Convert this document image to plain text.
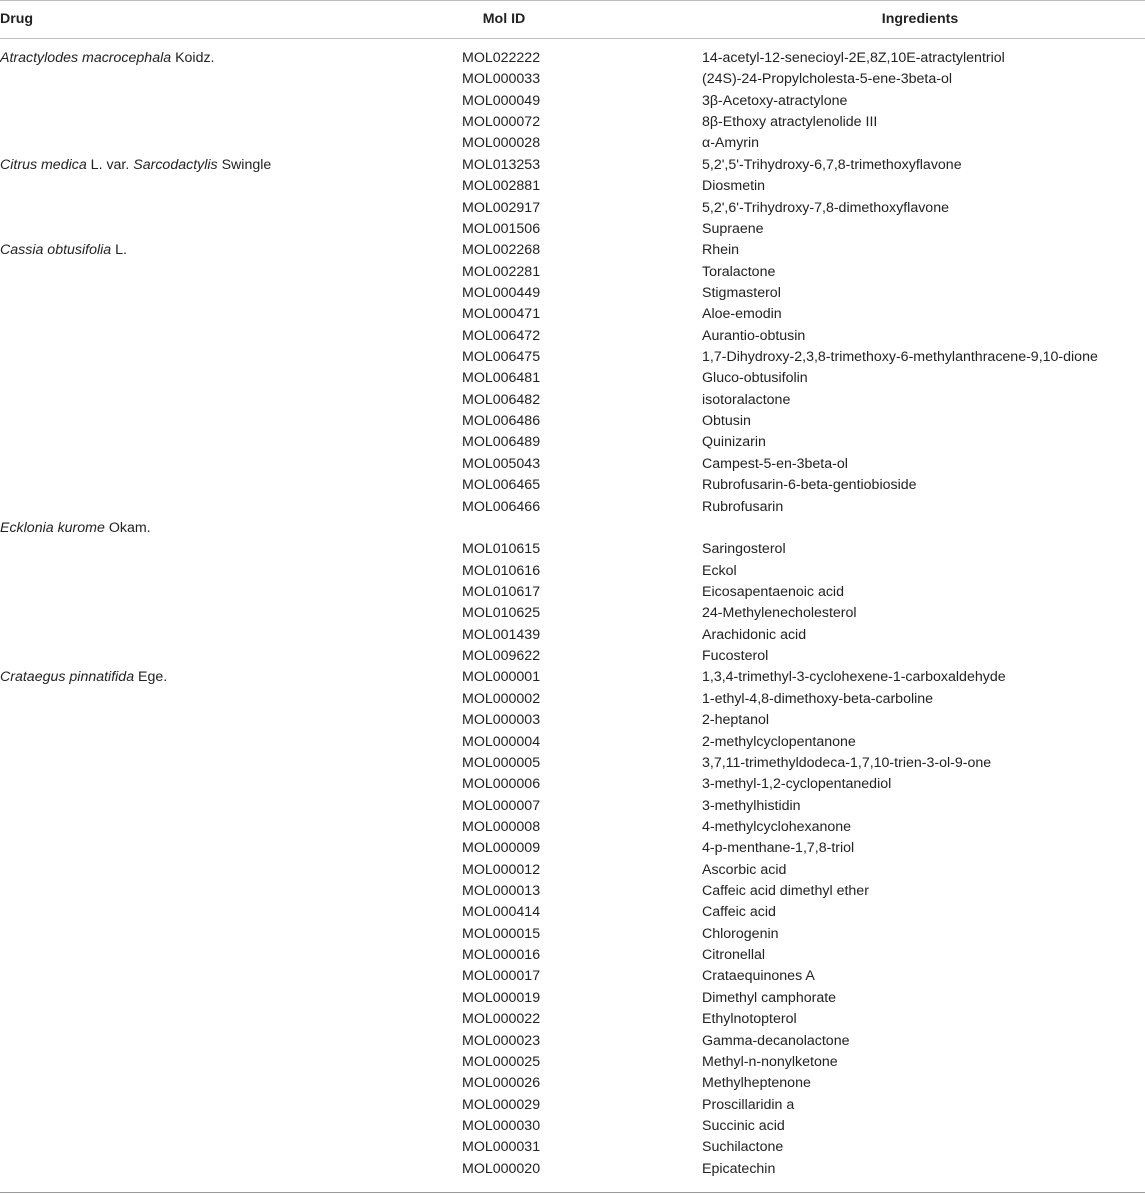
Drug	Mol ID	Ingredients
Atractylodes macrocephala Koidz.	MOL022222	14-acetyl-12-senecioyl-2E,8Z,10E-atractylentriol
MOL000033	(24S)-24-Propylcholesta-5-ene-3beta-ol
MOL000049	3β-Acetoxy-atractylone
MOL000072	8β-Ethoxy atractylenolide III
MOL000028	α-Amyrin
Citrus medica L. var. Sarcodactylis Swingle	MOL013253	5,2',5'-Trihydroxy-6,7,8-trimethoxyflavone
MOL002881	Diosmetin
MOL002917	5,2',6'-Trihydroxy-7,8-dimethoxyflavone
MOL001506	Supraene
Cassia obtusifolia L.	MOL002268	Rhein
MOL002281	Toralactone
MOL000449	Stigmasterol
MOL000471	Aloe-emodin
MOL006472	Aurantio-obtusin
MOL006475	1,7-Dihydroxy-2,3,8-trimethoxy-6-methylanthracene-9,10-dione
MOL006481	Gluco-obtusifolin
MOL006482	isotoralactone
MOL006486	Obtusin
MOL006489	Quinizarin
MOL005043	Campest-5-en-3beta-ol
MOL006465	Rubrofusarin-6-beta-gentiobioside
MOL006466	Rubrofusarin
Ecklonia kurome Okam.
MOL010615	Saringosterol
MOL010616	Eckol
MOL010617	Eicosapentaenoic acid
MOL010625	24-Methylenecholesterol
MOL001439	Arachidonic acid
MOL009622	Fucosterol
Crataegus pinnatifida Ege.	MOL000001	1,3,4-trimethyl-3-cyclohexene-1-carboxaldehyde
MOL000002	1-ethyl-4,8-dimethoxy-beta-carboline
MOL000003	2-heptanol
MOL000004	2-methylcyclopentanone
MOL000005	3,7,11-trimethyldodeca-1,7,10-trien-3-ol-9-one
MOL000006	3-methyl-1,2-cyclopentanediol
MOL000007	3-methylhistidin
MOL000008	4-methylcyclohexanone
MOL000009	4-p-menthane-1,7,8-triol
MOL000012	Ascorbic acid
MOL000013	Caffeic acid dimethyl ether
MOL000414	Caffeic acid
MOL000015	Chlorogenin
MOL000016	Citronellal
MOL000017	Crataequinones A
MOL000019	Dimethyl camphorate
MOL000022	Ethylnotopterol
MOL000023	Gamma-decanolactone
MOL000025	Methyl-n-nonylketone
MOL000026	Methylheptenone
MOL000029	Proscillaridin a
MOL000030	Succinic acid
MOL000031	Suchilactone
MOL000020	Epicatechin
